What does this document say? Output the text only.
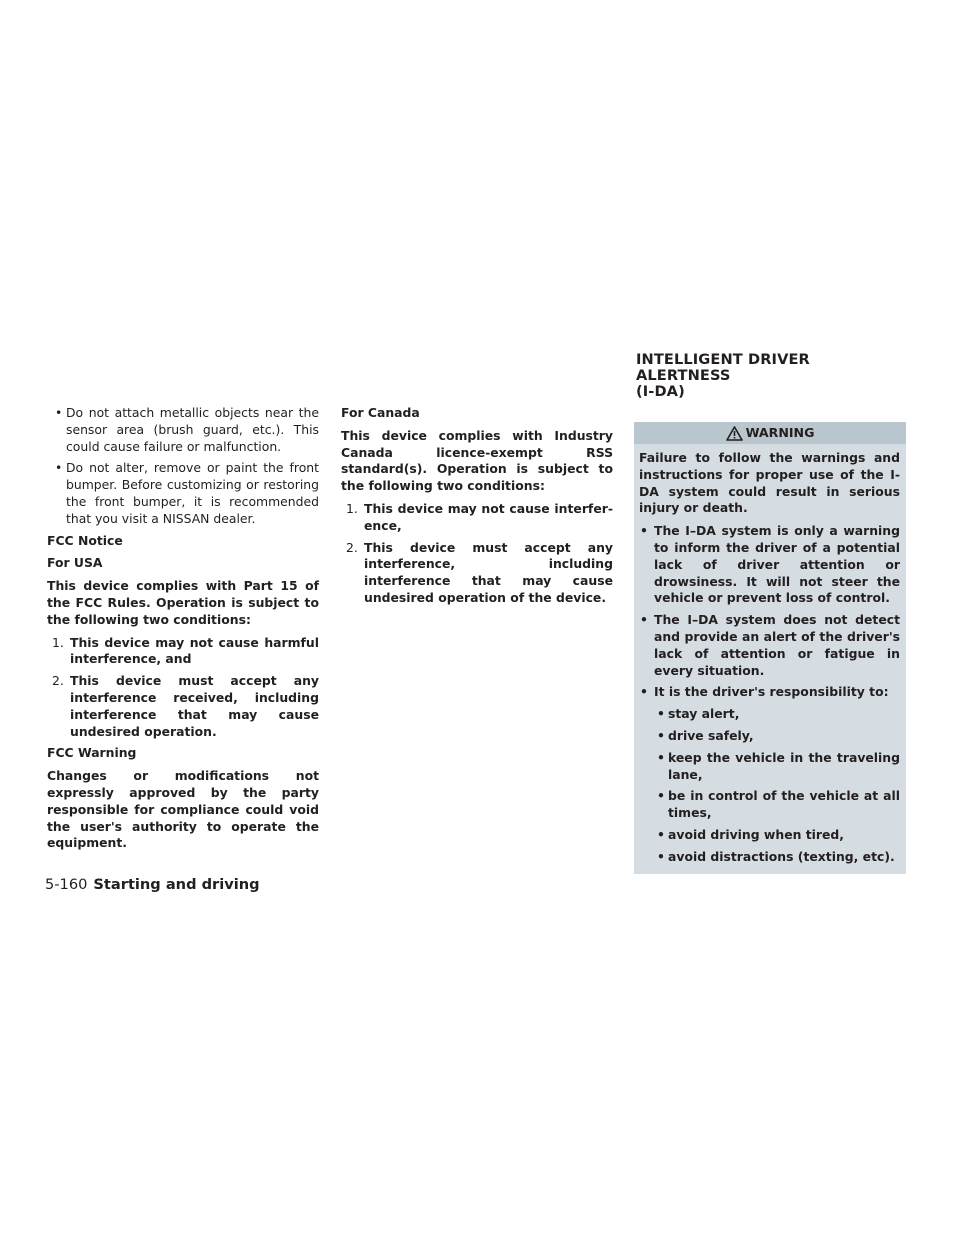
• Do not attach metallic objects near the sensor area (brush guard, etc.). This could cause failure or malfunction.
• Do not alter, remove or paint the front bumper. Before customizing or restoring the front bumper, it is recommended that you visit a NISSAN dealer.

FCC Notice

For USA

This device complies with Part 15 of the FCC Rules. Operation is subject to the following two conditions:

1. This device may not cause harmful interference, and
2. This device must accept any interference received, including interference that may cause undesired operation.

FCC Warning

Changes or modifications not expressly approved by the party responsible for compliance could void the user's authority to operate the equipment.

For Canada

This device complies with Industry Canada licence-exempt RSS standard(s). Operation is subject to the following two conditions:

1. This device may not cause interference,
2. This device must accept any interference, including interference that may cause undesired operation of the device.
INTELLIGENT DRIVER ALERTNESS
(I-DA)
WARNING

Failure to follow the warnings and instructions for proper use of the I-DA system could result in serious injury or death.

• The I–DA system is only a warning to inform the driver of a potential lack of driver attention or drowsiness. It will not steer the vehicle or prevent loss of control.
• The I–DA system does not detect and provide an alert of the driver's lack of attention or fatigue in every situation.
• It is the driver's responsibility to:
• stay alert,
• drive safely,
• keep the vehicle in the traveling lane,
• be in control of the vehicle at all times,
• avoid driving when tired,
• avoid distractions (texting, etc).
5-160 Starting and driving
